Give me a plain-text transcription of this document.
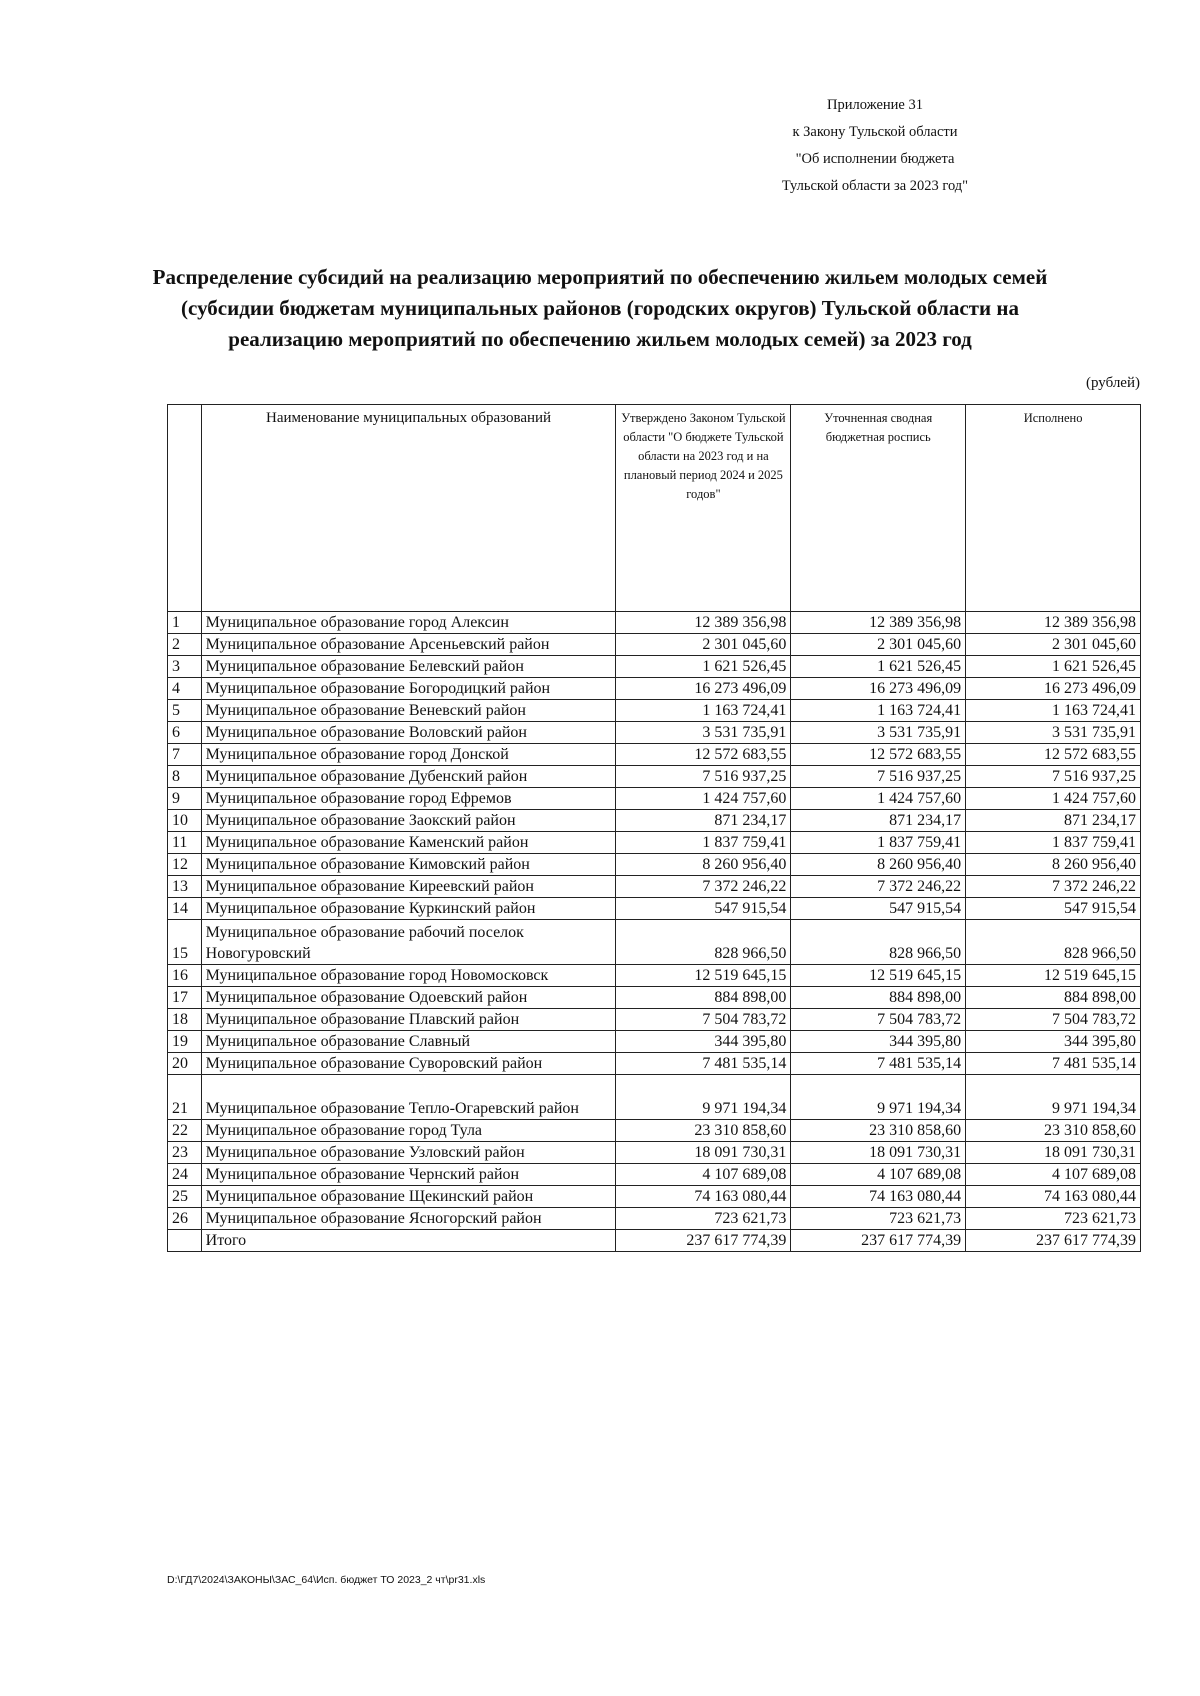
Приложение 31
к Закону Тульской области
"Об исполнении бюджета
Тульской области за 2023 год"
Распределение субсидий на реализацию мероприятий по обеспечению жильем молодых семей (субсидии бюджетам муниципальных районов (городских округов) Тульской области на реализацию мероприятий по обеспечению жильем молодых семей) за 2023 год
(рублей)
	Наименование муниципальных образований	Утверждено Законом Тульской области "О бюджете Тульской области на 2023 год и на плановый период 2024 и 2025 годов"	Уточненная сводная бюджетная роспись	Исполнено
1	Муниципальное образование город Алексин	12 389 356,98	12 389 356,98	12 389 356,98
2	Муниципальное образование Арсеньевский район	2 301 045,60	2 301 045,60	2 301 045,60
3	Муниципальное образование Белевский район	1 621 526,45	1 621 526,45	1 621 526,45
4	Муниципальное образование Богородицкий район	16 273 496,09	16 273 496,09	16 273 496,09
5	Муниципальное образование Веневский район	1 163 724,41	1 163 724,41	1 163 724,41
6	Муниципальное образование Воловский район	3 531 735,91	3 531 735,91	3 531 735,91
7	Муниципальное образование город Донской	12 572 683,55	12 572 683,55	12 572 683,55
8	Муниципальное образование Дубенский район	7 516 937,25	7 516 937,25	7 516 937,25
9	Муниципальное образование город Ефремов	1 424 757,60	1 424 757,60	1 424 757,60
10	Муниципальное образование Заокский район	871 234,17	871 234,17	871 234,17
11	Муниципальное образование Каменский район	1 837 759,41	1 837 759,41	1 837 759,41
12	Муниципальное образование Кимовский район	8 260 956,40	8 260 956,40	8 260 956,40
13	Муниципальное образование Киреевский район	7 372 246,22	7 372 246,22	7 372 246,22
14	Муниципальное образование Куркинский район	547 915,54	547 915,54	547 915,54
15	Муниципальное образование рабочий поселок Новогуровский	828 966,50	828 966,50	828 966,50
16	Муниципальное образование город Новомосковск	12 519 645,15	12 519 645,15	12 519 645,15
17	Муниципальное образование Одоевский район	884 898,00	884 898,00	884 898,00
18	Муниципальное образование Плавский район	7 504 783,72	7 504 783,72	7 504 783,72
19	Муниципальное образование Славный	344 395,80	344 395,80	344 395,80
20	Муниципальное образование Суворовский район	7 481 535,14	7 481 535,14	7 481 535,14
21	Муниципальное образование Тепло-Огаревский район	9 971 194,34	9 971 194,34	9 971 194,34
22	Муниципальное образование город Тула	23 310 858,60	23 310 858,60	23 310 858,60
23	Муниципальное образование Узловский район	18 091 730,31	18 091 730,31	18 091 730,31
24	Муниципальное образование Чернский район	4 107 689,08	4 107 689,08	4 107 689,08
25	Муниципальное образование Щекинский район	74 163 080,44	74 163 080,44	74 163 080,44
26	Муниципальное образование Ясногорский район	723 621,73	723 621,73	723 621,73
	Итого	237 617 774,39	237 617 774,39	237 617 774,39
D:\ГД7\2024\ЗАКОНЫ\ЗАС_64\Исп. бюджет ТО 2023_2 чт\pr31.xls
